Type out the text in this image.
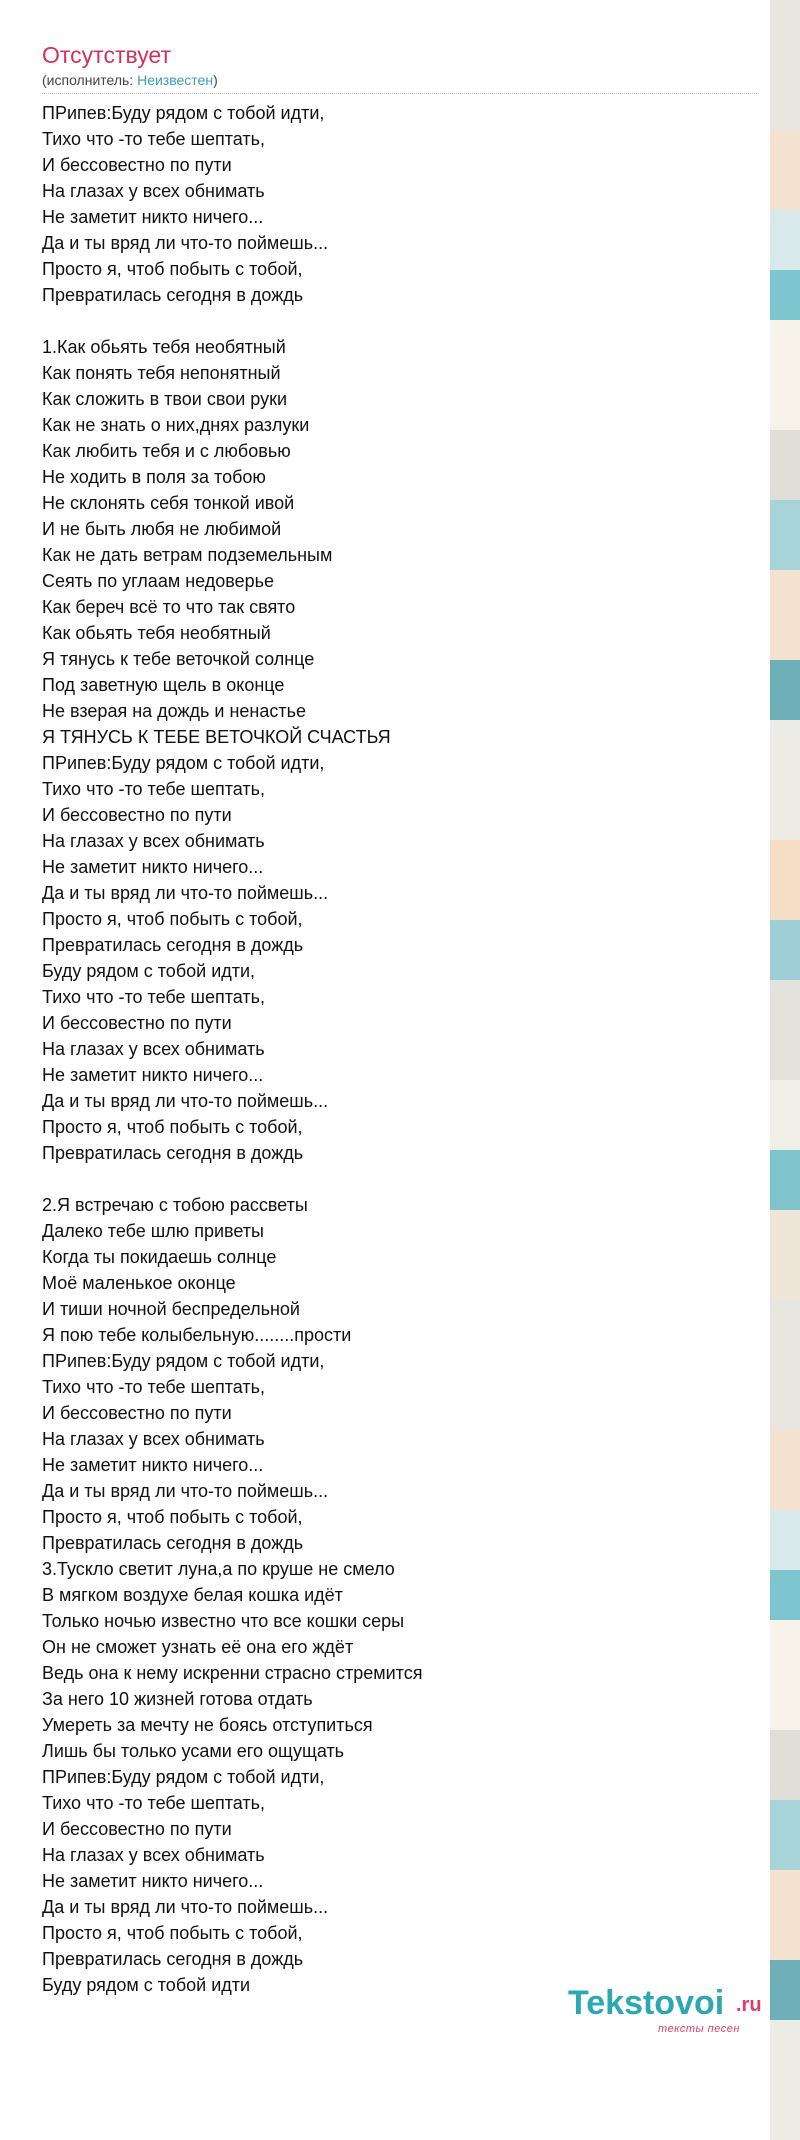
Отсутствует
(исполнитель: Неизвестен)
ПРипев:Буду рядом с тобой идти,
Тихо что -то тебе шептать,
И бессовестно по пути
На глазах у всех обнимать
Не заметит никто ничего...
Да и ты вряд ли что-то поймешь...
Просто я, чтоб побыть с тобой,
Превратилась сегодня в дождь
1.Как обьять тебя необятный
Как понять тебя непонятный
Как сложить в твои свои руки
Как не знать о них,днях разлуки
Как любить тебя и с любовью
Не ходить в поля за тобою
Не склонять себя тонкой ивой
И не быть любя не любимой
Как не дать ветрам подземельным
Сеять по углаам недоверье
Как береч всё то что так свято
Как обьять тебя необятный
Я тянусь к тебе веточкой солнце
Под заветную щель в оконце
Не взерая на дождь и ненастье
Я ТЯНУСЬ К ТЕБЕ ВЕТОЧКОЙ СЧАСТЬЯ
ПРипев:Буду рядом с тобой идти,
Тихо что -то тебе шептать,
И бессовестно по пути
На глазах у всех обнимать
Не заметит никто ничего...
Да и ты вряд ли что-то поймешь...
Просто я, чтоб побыть с тобой,
Превратилась сегодня в дождь
Буду рядом с тобой идти,
Тихо что -то тебе шептать,
И бессовестно по пути
На глазах у всех обнимать
Не заметит никто ничего...
Да и ты вряд ли что-то поймешь...
Просто я, чтоб побыть с тобой,
Превратилась сегодня в дождь
2.Я встречаю с тобою рассветы
Далеко тебе шлю приветы
Когда ты покидаешь солнце
Моё маленькое оконце
И тиши ночной беспредельной
Я пою тебе колыбельную........прости
ПРипев:Буду рядом с тобой идти,
Тихо что -то тебе шептать,
И бессовестно по пути
На глазах у всех обнимать
Не заметит никто ничего...
Да и ты вряд ли что-то поймешь...
Просто я, чтоб побыть с тобой,
Превратилась сегодня в дождь
3.Тускло светит луна,а по круше не смело
В мягком воздухе белая кошка идёт
Только ночью известно что все кошки серы
Он не сможет узнать её она его ждёт
Ведь она к нему искренни страсно стремится
За него 10 жизней готова отдать
Умереть за мечту не боясь отступиться
Лишь бы только усами его ощущать
ПРипев:Буду рядом с тобой идти,
Тихо что -то тебе шептать,
И бессовестно по пути
На глазах у всех обнимать
Не заметит никто ничего...
Да и ты вряд ли что-то поймешь...
Просто я, чтоб побыть с тобой,
Превратилась сегодня в дождь
Буду рядом с тобой идти	Tekstovoi .ru
тексты песен
